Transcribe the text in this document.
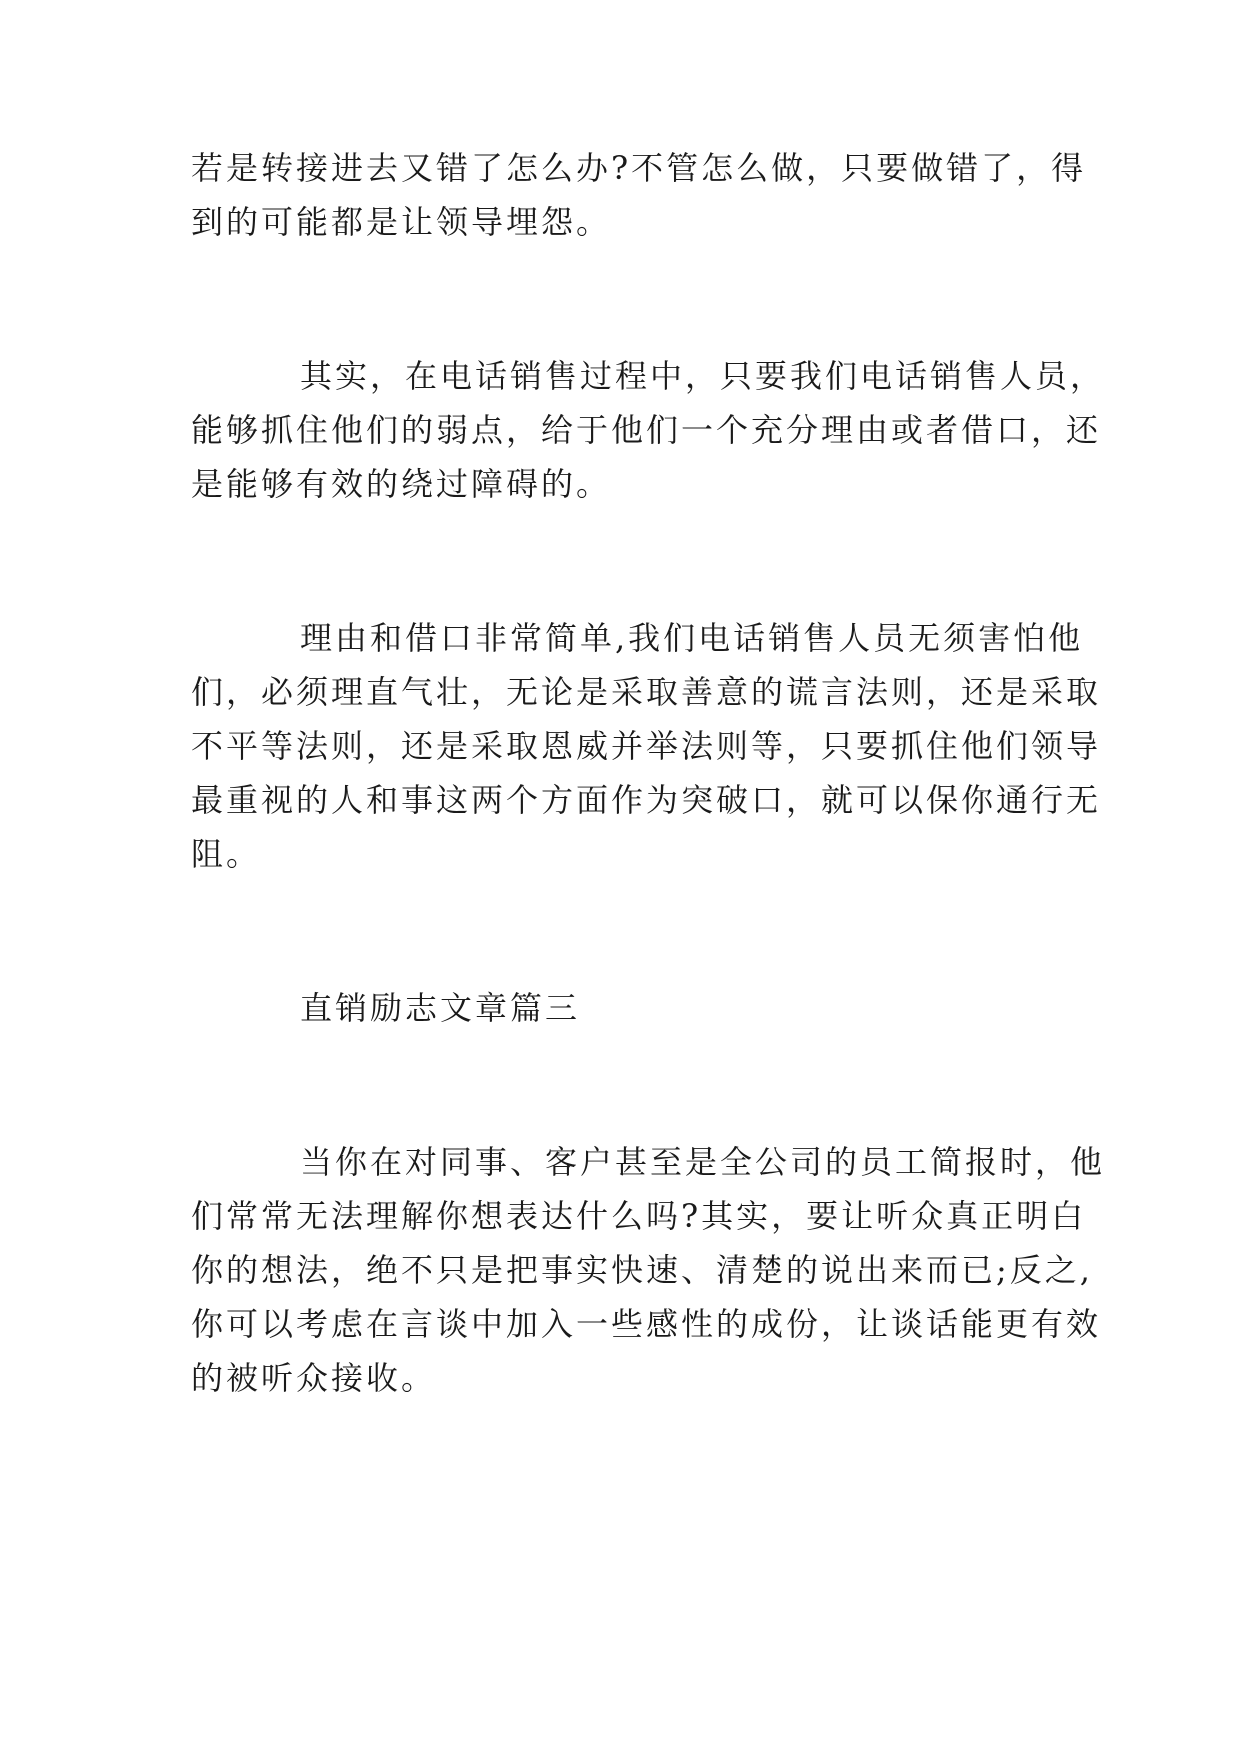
若是转接进去又错了怎么办?不管怎么做，只要做错了，得
到的可能都是让领导埋怨。
其实，在电话销售过程中，只要我们电话销售人员，
能够抓住他们的弱点，给于他们一个充分理由或者借口，还
是能够有效的绕过障碍的。
理由和借口非常简单,我们电话销售人员无须害怕他
们，必须理直气壮，无论是采取善意的谎言法则，还是采取
不平等法则，还是采取恩威并举法则等，只要抓住他们领导
最重视的人和事这两个方面作为突破口，就可以保你通行无
阻。
直销励志文章篇三
当你在对同事、客户甚至是全公司的员工简报时，他
们常常无法理解你想表达什么吗?其实，要让听众真正明白
你的想法，绝不只是把事实快速、清楚的说出来而已;反之,
你可以考虑在言谈中加入一些感性的成份，让谈话能更有效
的被听众接收。
